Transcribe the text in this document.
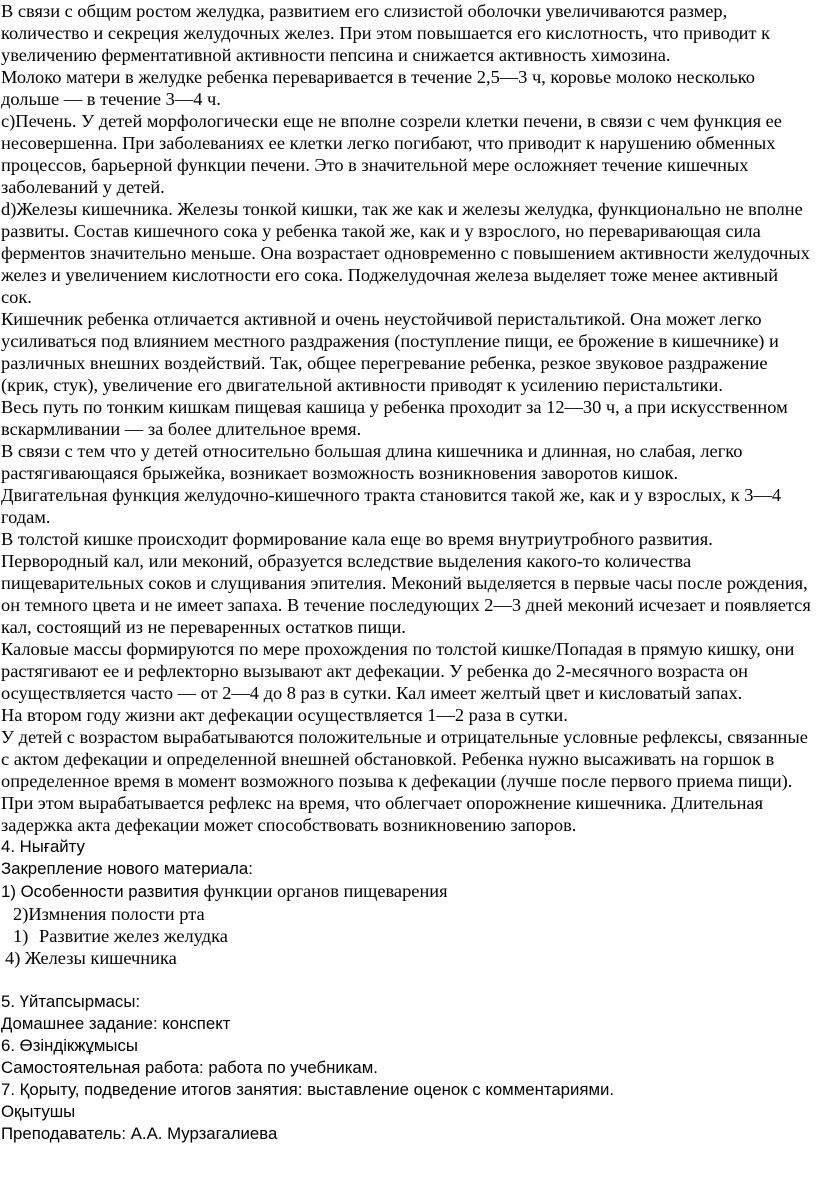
В связи с общим ростом желудка, развитием его слизистой оболочки увеличиваются размер, количество и секреция желудочных желез. При этом повышается его кислотность, что приводит к увеличению ферментативной активности пепсина и снижается активность химозина.

Молоко матери в желудке ребенка переваривается в течение 2,5—3 ч, коровье молоко несколько дольше — в течение 3—4 ч.

c)Печень. У детей морфологически еще не вполне созрели клетки печени, в связи с чем функция ее несовершенна. При заболеваниях ее клетки легко погибают, что приводит к нарушению обменных процессов, барьерной функции печени. Это в значительной мере осложняет течение кишечных заболеваний у детей.

d)Железы кишечника. Железы тонкой кишки, так же как и железы желудка, функционально не вполне развиты. Состав кишечного сока у ребенка такой же, как и у взрослого, но переваривающая сила ферментов значительно меньше. Она возрастает одновременно с повышением активности желудочных желез и увеличением кислотности его сока. Поджелудочная железа выделяет тоже менее активный сок.

Кишечник ребенка отличается активной и очень неустойчивой перистальтикой. Она может легко усиливаться под влиянием местного раздражения (поступление пищи, ее брожение в кишечнике) и различных внешних воздействий. Так, общее перегревание ребенка, резкое звуковое раздражение (крик, стук), увеличение его двигательной активности приводят к усилению перистальтики.

Весь путь по тонким кишкам пищевая кашица у ребенка проходит за 12—30 ч, а при искусственном вскармливании — за более длительное время.

В связи с тем что у детей относительно большая длина кишечника и длинная, но слабая, легко растягивающаяся брыжейка, возникает возможность возникновения заворотов кишок.

Двигательная функция желудочно-кишечного тракта становится такой же, как и у взрослых, к 3—4 годам.

В толстой кишке происходит формирование кала еще во время внутриутробного развития. Первородный кал, или меконий, образуется вследствие выделения какого-то количества пищеварительных соков и слущивания эпителия. Меконий выделяется в первые часы после рождения, он темного цвета и не имеет запаха. В течение последующих 2—3 дней меконий исчезает и появляется кал, состоящий из не переваренных остатков пищи.

Каловые массы формируются по мере прохождения по толстой кишке/Попадая в прямую кишку, они растягивают ее и рефлекторно вызывают акт дефекации. У ребенка до 2-месячного возраста он осуществляется часто — от 2—4 до 8 раз в сутки. Кал имеет желтый цвет и кисловатый запах.

На втором году жизни акт дефекации осуществляется 1—2 раза в сутки.

У детей с возрастом вырабатываются положительные и отрицательные условные рефлексы, связанные с актом дефекации и определенной внешней обстановкой. Ребенка нужно высаживать на горшок в определенное время в момент возможного позыва к дефекации (лучше после первого приема пищи). При этом вырабатывается рефлекс на время, что облегчает опорожнение кишечника. Длительная задержка акта дефекации может способствовать возникновению запоров.

4. Нығайту

Закрепление нового материала:

1) Особенности развития функции органов пищеварения

2)Измнения полости рта

1) Развитие желез желудка

4) Железы кишечника

5. Үйтапсырмасы:

Домашнее задание: конспект

6. Өзіндікжұмысы

Самостоятельная работа: работа по учебникам.

7. Қорыту, подведение итогов занятия: выставление оценок с комментариями.

Оқытушы

Преподаватель: А.А. Мурзагалиева
